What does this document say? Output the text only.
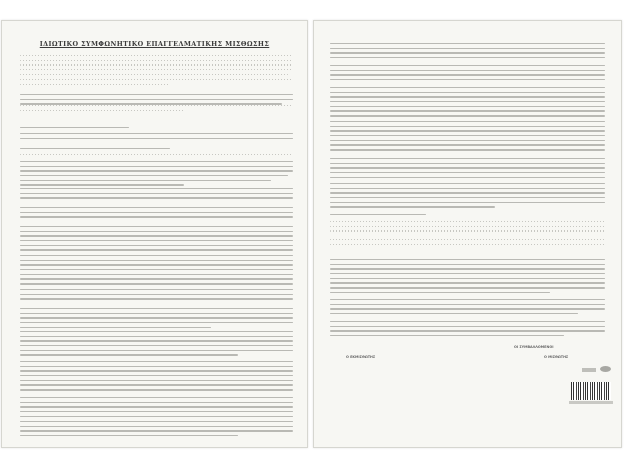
ΙΔΙΩΤΙΚΟ ΣΥΜΦΩΝΗΤΙΚΟ ΕΠΑΓΓΕΛΜΑΤΙΚΗΣ ΜΙΣΘΩΣΗΣ
ΟΙ ΣΥΜΒΑΛΛΟΜΕΝΟΙ
Ο ΕΚΜΙΣΘΩΤΗΣ	Ο ΜΙΣΘΩΤΗΣ
